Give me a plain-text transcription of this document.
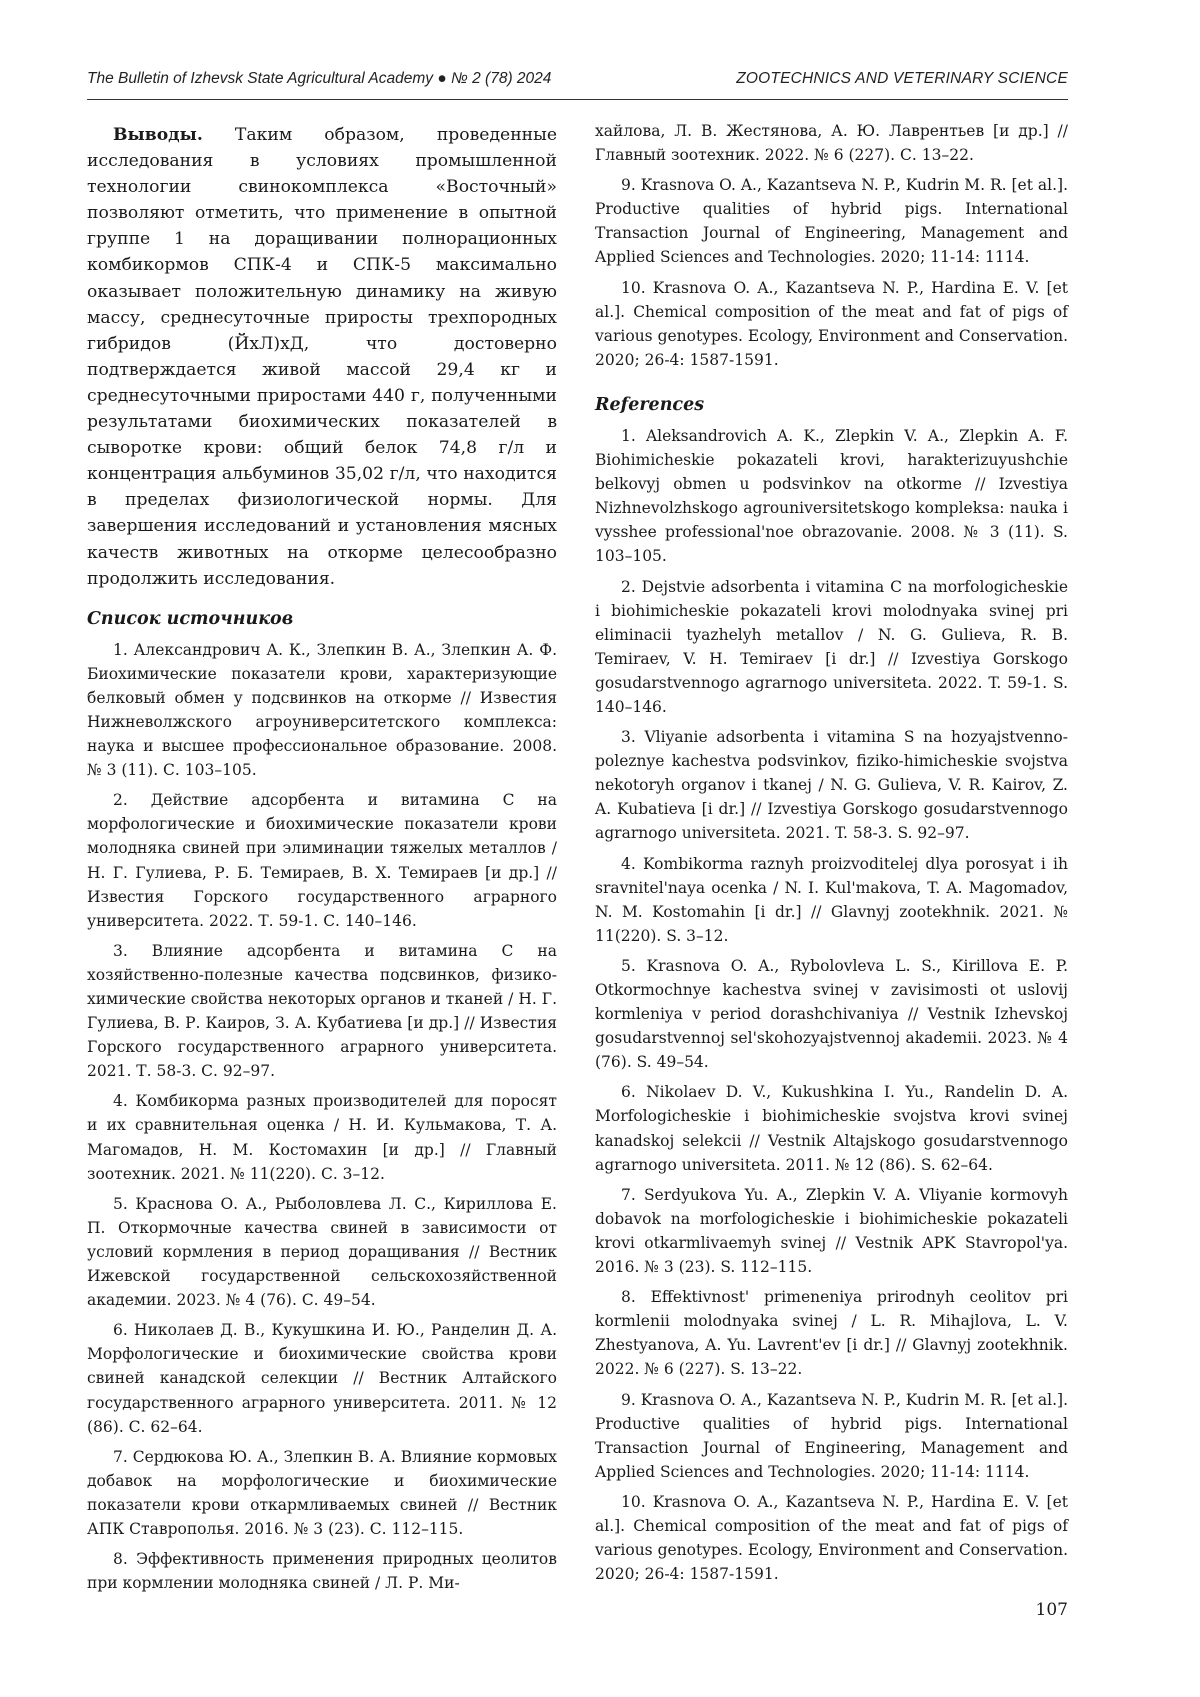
The Bulletin of Izhevsk State Agricultural Academy ● № 2 (78) 2024	ZOOTECHNICS AND VETERINARY SCIENCE

Выводы. Таким образом, проведенные исследования в условиях промышленной технологии свинокомплекса «Восточный» позволяют отметить, что применение в опытной группе 1 на доращивании полнорационных комбикормов СПК-4 и СПК-5 максимально оказывает положительную динамику на живую массу, среднесуточные приросты трехпородных гибридов (ЙхЛ)хД, что достоверно подтверждается живой массой 29,4 кг и среднесуточными приростами 440 г, полученными результатами биохимических показателей в сыворотке крови: общий белок 74,8 г/л и концентрация альбуминов 35,02 г/л, что находится в пределах физиологической нормы. Для завершения исследований и установления мясных качеств животных на откорме целесообразно продолжить исследования.

Список источников

1. Александрович А. К., Злепкин В. А., Злепкин А. Ф. Биохимические показатели крови, характеризующие белковый обмен у подсвинков на откорме // Известия Нижневолжского агроуниверситетского комплекса: наука и высшее профессиональное образование. 2008. № 3 (11). С. 103–105.

2. Действие адсорбента и витамина С на морфологические и биохимические показатели крови молодняка свиней при элиминации тяжелых металлов / Н. Г. Гулиева, Р. Б. Темираев, В. Х. Темираев [и др.] // Известия Горского государственного аграрного университета. 2022. Т. 59-1. С. 140–146.

3. Влияние адсорбента и витамина С на хозяйственно-полезные качества подсвинков, физико-химические свойства некоторых органов и тканей / Н. Г. Гулиева, В. Р. Каиров, З. А. Кубатиева [и др.] // Известия Горского государственного аграрного университета. 2021. Т. 58-3. С. 92–97.

4. Комбикорма разных производителей для поросят и их сравнительная оценка / Н. И. Кульмакова, Т. А. Магомадов, Н. М. Костомахин [и др.] // Главный зоотехник. 2021. № 11(220). С. 3–12.

5. Краснова О. А., Рыболовлева Л. С., Кириллова Е. П. Откормочные качества свиней в зависимости от условий кормления в период доращивания // Вестник Ижевской государственной сельскохозяйственной академии. 2023. № 4 (76). С. 49–54.

6. Николаев Д. В., Кукушкина И. Ю., Ранделин Д. А. Морфологические и биохимические свойства крови свиней канадской селекции // Вестник Алтайского государственного аграрного университета. 2011. № 12 (86). С. 62–64.

7. Сердюкова Ю. А., Злепкин В. А. Влияние кормовых добавок на морфологические и биохимические показатели крови откармливаемых свиней // Вестник АПК Ставрополья. 2016. № 3 (23). С. 112–115.

8. Эффективность применения природных цеолитов при кормлении молодняка свиней / Л. Р. Ми-

хайлова, Л. В. Жестянова, А. Ю. Лаврентьев [и др.] // Главный зоотехник. 2022. № 6 (227). С. 13–22.

9. Krasnova O. A., Kazantseva N. P., Kudrin M. R. [et al.]. Productive qualities of hybrid pigs. International Transaction Journal of Engineering, Management and Applied Sciences and Technologies. 2020; 11-14: 1114.

10. Krasnova O. A., Kazantseva N. P., Hardina E. V. [et al.]. Chemical composition of the meat and fat of pigs of various genotypes. Ecology, Environment and Conservation. 2020; 26-4: 1587-1591.

References

1. Aleksandrovich A. K., Zlepkin V. A., Zlepkin A. F. Biohimicheskie pokazateli krovi, harakterizuyushchie belkovyj obmen u podsvinkov na otkorme // Izvestiya Nizhnevolzhskogo agrouniversitetskogo kompleksa: nauka i vysshee professional'noe obrazovanie. 2008. № 3 (11). S. 103–105.

2. Dejstvie adsorbenta i vitamina C na morfologicheskie i biohimicheskie pokazateli krovi molodnyaka svinej pri eliminacii tyazhelyh metallov / N. G. Gulieva, R. B. Temiraev, V. H. Temiraev [i dr.] // Izvestiya Gorskogo gosudarstvennogo agrarnogo universiteta. 2022. T. 59-1. S. 140–146.

3. Vliyanie adsorbenta i vitamina S na hozyajstvenno-poleznye kachestva podsvinkov, fiziko-himicheskie svojstva nekotoryh organov i tkanej / N. G. Gulieva, V. R. Kairov, Z. A. Kubatieva [i dr.] // Izvestiya Gorskogo gosudarstvennogo agrarnogo universiteta. 2021. T. 58-3. S. 92–97.

4. Kombikorma raznyh proizvoditelej dlya porosyat i ih sravnitel'naya ocenka / N. I. Kul'makova, T. A. Magomadov, N. M. Kostomahin [i dr.] // Glavnyj zootekhnik. 2021. № 11(220). S. 3–12.

5. Krasnova O. A., Rybolovleva L. S., Kirillova E. P. Otkormochnye kachestva svinej v zavisimosti ot uslovij kormleniya v period dorashchivaniya // Vestnik Izhevskoj gosudarstvennoj sel'skohozyajstvennoj akademii. 2023. № 4 (76). S. 49–54.

6. Nikolaev D. V., Kukushkina I. Yu., Randelin D. A. Morfologicheskie i biohimicheskie svojstva krovi svinej kanadskoj selekcii // Vestnik Altajskogo gosudarstvennogo agrarnogo universiteta. 2011. № 12 (86). S. 62–64.

7. Serdyukova Yu. A., Zlepkin V. A. Vliyanie kormovyh dobavok na morfologicheskie i biohimicheskie pokazateli krovi otkarmlivaemyh svinej // Vestnik APK Stavropol'ya. 2016. № 3 (23). S. 112–115.

8. Effektivnost' primeneniya prirodnyh ceolitov pri kormlenii molodnyaka svinej / L. R. Mihajlova, L. V. Zhestyanova, A. Yu. Lavrent'ev [i dr.] // Glavnyj zootekhnik. 2022. № 6 (227). S. 13–22.

9. Krasnova O. A., Kazantseva N. P., Kudrin M. R. [et al.]. Productive qualities of hybrid pigs. International Transaction Journal of Engineering, Management and Applied Sciences and Technologies. 2020; 11-14: 1114.

10. Krasnova O. A., Kazantseva N. P., Hardina E. V. [et al.]. Chemical composition of the meat and fat of pigs of various genotypes. Ecology, Environment and Conservation. 2020; 26-4: 1587-1591.

107
